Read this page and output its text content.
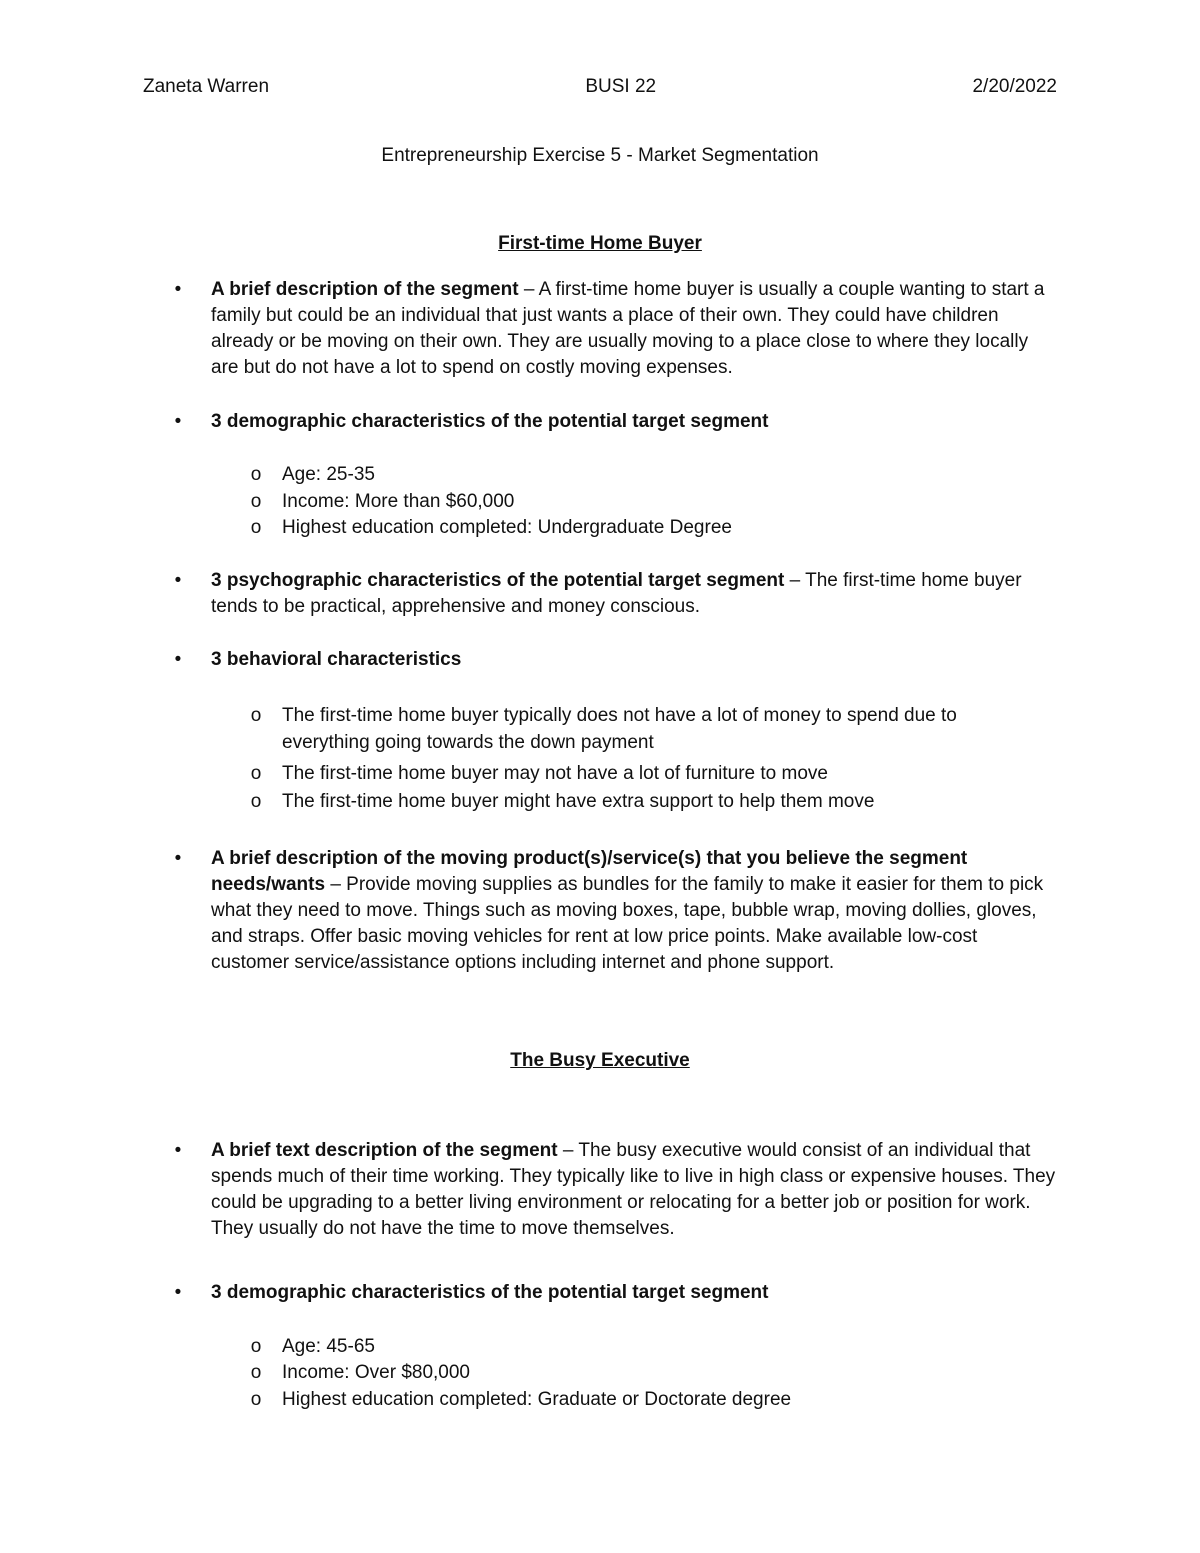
Zaneta Warren	BUSI 22	2/20/2022
Entrepreneurship Exercise 5 - Market Segmentation
First-time Home Buyer
•	A brief description of the segment – A first-time home buyer is usually a couple wanting to start a family but could be an individual that just wants a place of their own. They could have children already or be moving on their own. They are usually moving to a place close to where they locally are but do not have a lot to spend on costly moving expenses.
•	3 demographic characteristics of the potential target segment
o Age: 25-35
o Income: More than $60,000
o Highest education completed: Undergraduate Degree
•	3 psychographic characteristics of the potential target segment – The first-time home buyer tends to be practical, apprehensive and money conscious.
•	3 behavioral characteristics
o The first-time home buyer typically does not have a lot of money to spend due to everything going towards the down payment
o The first-time home buyer may not have a lot of furniture to move
o The first-time home buyer might have extra support to help them move
•	A brief description of the moving product(s)/service(s) that you believe the segment needs/wants – Provide moving supplies as bundles for the family to make it easier for them to pick what they need to move. Things such as moving boxes, tape, bubble wrap, moving dollies, gloves, and straps. Offer basic moving vehicles for rent at low price points. Make available low-cost customer service/assistance options including internet and phone support.
The Busy Executive
•	A brief text description of the segment – The busy executive would consist of an individual that spends much of their time working. They typically like to live in high class or expensive houses. They could be upgrading to a better living environment or relocating for a better job or position for work. They usually do not have the time to move themselves.
•	3 demographic characteristics of the potential target segment
o Age: 45-65
o Income: Over $80,000
o Highest education completed: Graduate or Doctorate degree
